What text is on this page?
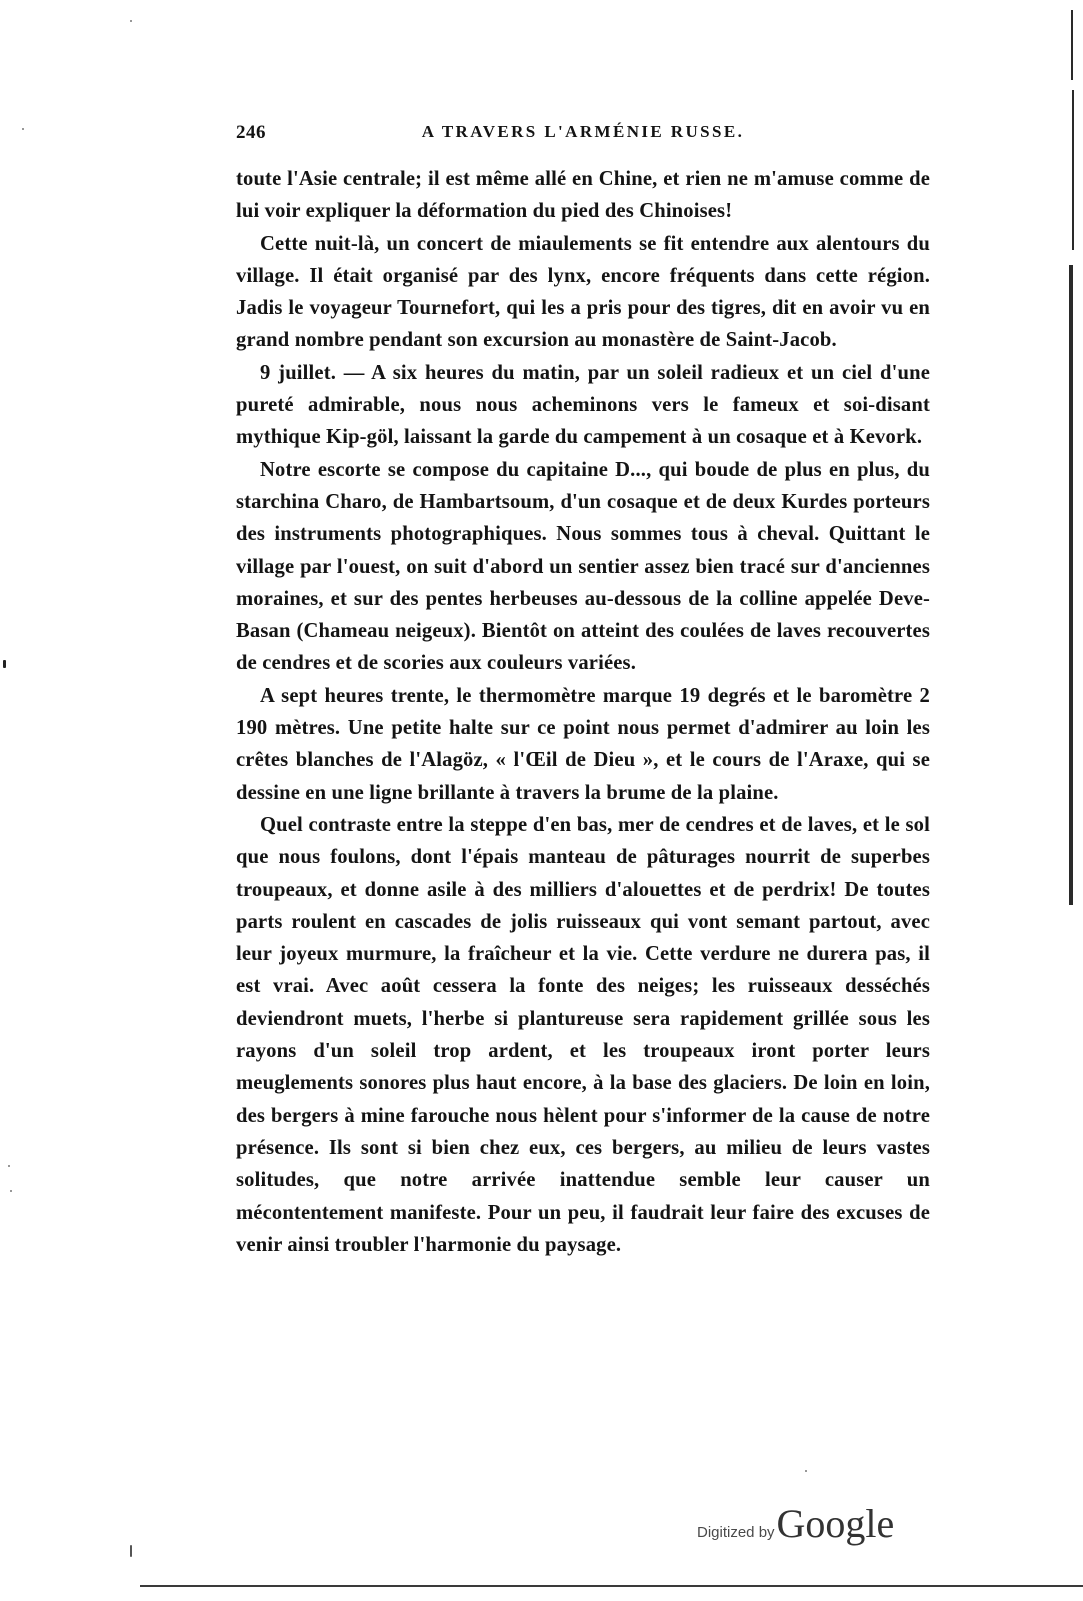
246	A TRAVERS L'ARMÉNIE RUSSE.

toute l'Asie centrale; il est même allé en Chine, et rien ne m'amuse comme de lui voir expliquer la déformation du pied des Chinoises!

Cette nuit-là, un concert de miaulements se fit entendre aux alentours du village. Il était organisé par des lynx, encore fréquents dans cette région. Jadis le voyageur Tournefort, qui les a pris pour des tigres, dit en avoir vu en grand nombre pendant son excursion au monastère de Saint-Jacob.

9 juillet. — A six heures du matin, par un soleil radieux et un ciel d'une pureté admirable, nous nous acheminons vers le fameux et soi-disant mythique Kip-göl, laissant la garde du campement à un cosaque et à Kevork.

Notre escorte se compose du capitaine D..., qui boude de plus en plus, du starchina Charo, de Hambartsoum, d'un cosaque et de deux Kurdes porteurs des instruments photographiques. Nous sommes tous à cheval. Quittant le village par l'ouest, on suit d'abord un sentier assez bien tracé sur d'anciennes moraines, et sur des pentes herbeuses au-dessous de la colline appelée Deve-Basan (Chameau neigeux). Bientôt on atteint des coulées de laves recouvertes de cendres et de scories aux couleurs variées.

A sept heures trente, le thermomètre marque 19 degrés et le baromètre 2 190 mètres. Une petite halte sur ce point nous permet d'admirer au loin les crêtes blanches de l'Alagöz, « l'Œil de Dieu », et le cours de l'Araxe, qui se dessine en une ligne brillante à travers la brume de la plaine.

Quel contraste entre la steppe d'en bas, mer de cendres et de laves, et le sol que nous foulons, dont l'épais manteau de pâturages nourrit de superbes troupeaux, et donne asile à des milliers d'alouettes et de perdrix! De toutes parts roulent en cascades de jolis ruisseaux qui vont semant partout, avec leur joyeux murmure, la fraîcheur et la vie. Cette verdure ne durera pas, il est vrai. Avec août cessera la fonte des neiges; les ruisseaux desséchés deviendront muets, l'herbe si plantureuse sera rapidement grillée sous les rayons d'un soleil trop ardent, et les troupeaux iront porter leurs meuglements sonores plus haut encore, à la base des glaciers. De loin en loin, des bergers à mine farouche nous hèlent pour s'informer de la cause de notre présence. Ils sont si bien chez eux, ces bergers, au milieu de leurs vastes solitudes, que notre arrivée inattendue semble leur causer un mécontentement manifeste. Pour un peu, il faudrait leur faire des excuses de venir ainsi troubler l'harmonie du paysage.

Digitized by Google
